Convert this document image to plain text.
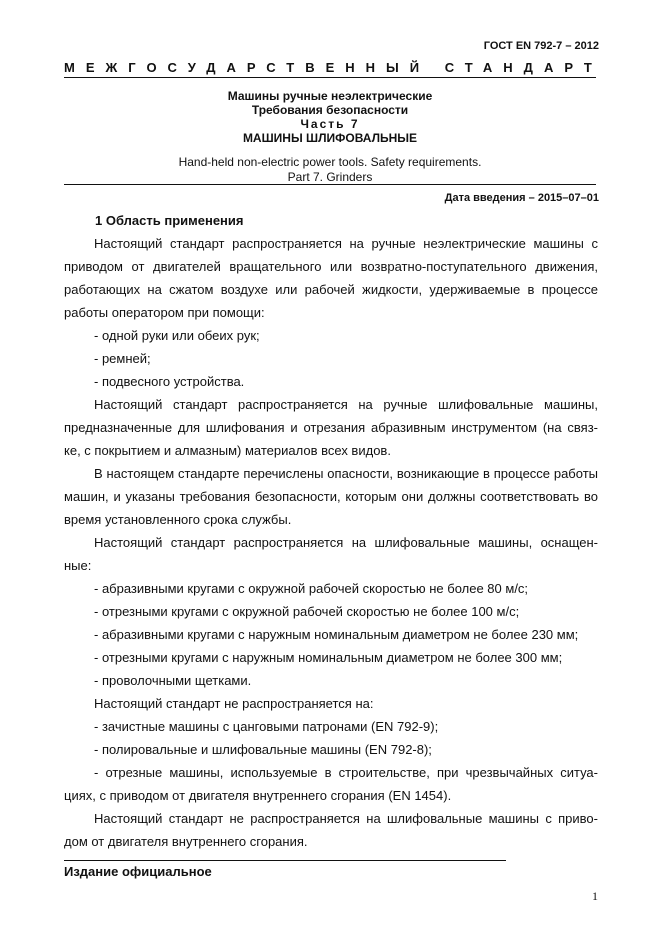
ГОСТ EN 792-7 – 2012
МЕЖГОСУДАРСТВЕННЫЙ СТАНДАРТ
Машины ручные неэлектрические
Требования безопасности
Часть 7
МАШИНЫ ШЛИФОВАЛЬНЫЕ
Hand-held non-electric power tools. Safety requirements.
Part 7. Grinders
Дата введения – 2015–07–01
1 Область применения
Настоящий стандарт распространяется на ручные неэлектрические машины с
приводом от двигателей вращательного или возвратно-поступательного движения,
работающих на сжатом воздухе или рабочей жидкости, удерживаемые в процессе
работы оператором при помощи:
- одной руки или обеих рук;
- ремней;
- подвесного устройства.
Настоящий стандарт распространяется на ручные шлифовальные машины,
предназначенные для шлифования и отрезания абразивным инструментом (на связ-
ке, с покрытием и алмазным) материалов всех видов.
В настоящем стандарте перечислены опасности, возникающие в процессе работы
машин, и указаны требования безопасности, которым они должны соответствовать во
время установленного срока службы.
Настоящий стандарт распространяется на шлифовальные машины, оснащен-
ные:
- абразивными кругами с окружной рабочей скоростью не более 80 м/с;
- отрезными кругами с окружной рабочей скоростью не более 100 м/с;
- абразивными кругами с наружным номинальным диаметром не более 230 мм;
- отрезными кругами с наружным номинальным диаметром не более 300 мм;
- проволочными щетками.
Настоящий стандарт не распространяется на:
- зачистные машины с цанговыми патронами (EN 792-9);
- полировальные и шлифовальные машины (EN 792-8);
- отрезные машины, используемые в строительстве, при чрезвычайных ситуа-
циях, с приводом от двигателя внутреннего сгорания (EN 1454).
Настоящий стандарт не распространяется на шлифовальные машины с приво-
дом от двигателя внутреннего сгорания.
Издание официальное
1
